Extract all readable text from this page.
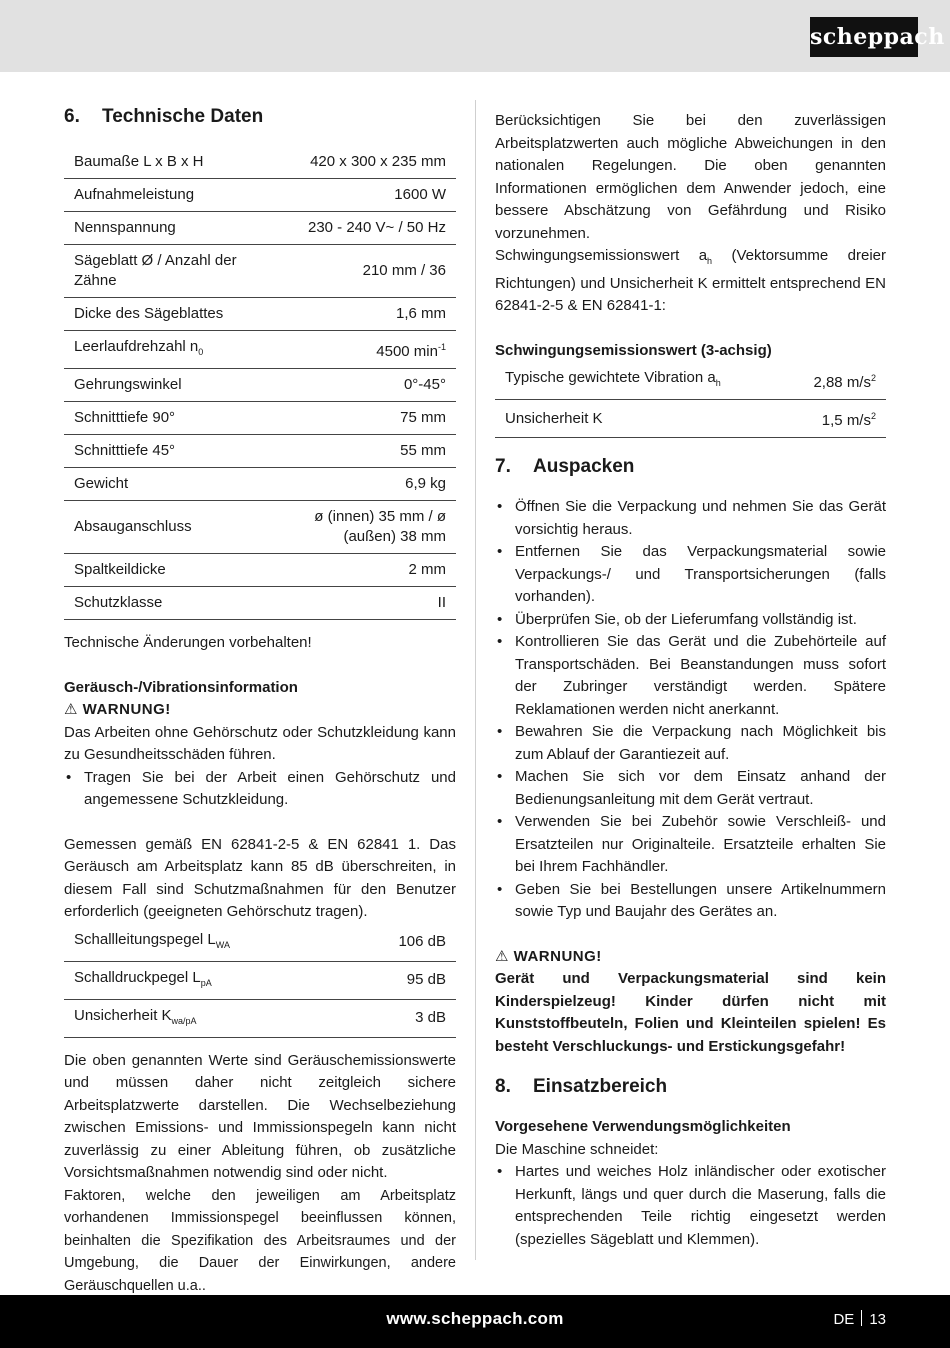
scheppach
6. Technische Daten
Baumaße L x B x H	420 x 300 x 235 mm
Aufnahmeleistung	1600 W
Nennspannung	230 - 240 V~ / 50 Hz
Sägeblatt Ø / Anzahl der Zähne	210 mm / 36
Dicke des Sägeblattes	1,6 mm
Leerlaufdrehzahl $n_0$	4500 $\min^{-1}$
Gehrungswinkel	0°-45°
Schnitttiefe 90°	75 mm
Schnitttiefe 45°	55 mm
Gewicht	6,9 kg
Absauganschluss	ø (innen) 35 mm / ø (außen) 38 mm
Spaltkeildicke	2 mm
Schutzklasse	II

Technische Änderungen vorbehalten!

Geräusch-/Vibrationsinformation

⚠ WARNUNG!

Das Arbeiten ohne Gehörschutz oder Schutzkleidung kann zu Gesundheitsschäden führen.

• Tragen Sie bei der Arbeit einen Gehörschutz und angemessene Schutzkleidung.

Gemessen gemäß EN 62841-2-5 & EN 62841 1. Das Geräusch am Arbeitsplatz kann 85 dB überschreiten, in diesem Fall sind Schutzmaßnahmen für den Benutzer erforderlich (geeigneten Gehörschutz tragen).

Schallleitungspegel $L_{WA}$	106 dB
Schalldruckpegel $L_{pA}$	95 dB
Unsicherheit $K_{wa/pA}$	3 dB

Die oben genannten Werte sind Geräuschemissionswerte und müssen daher nicht zeitgleich sichere Arbeitsplatzwerte darstellen. Die Wechselbeziehung zwischen Emissions- und Immissionspegeln kann nicht zuverlässig zu einer Ableitung führen, ob zusätzliche Vorsichtsmaßnahmen notwendig sind oder nicht.

Faktoren, welche den jeweiligen am Arbeitsplatz vorhandenen Immissionspegel beeinflussen können, beinhalten die Spezifikation des Arbeitsraumes und der Umgebung, die Dauer der Einwirkungen, andere Geräuschquellen u.a..

Berücksichtigen Sie bei den zuverlässigen Arbeitsplatzwerten auch mögliche Abweichungen in den nationalen Regelungen. Die oben genannten Informationen ermöglichen dem Anwender jedoch, eine bessere Abschätzung von Gefährdung und Risiko vorzunehmen.

Schwingungsemissionswert $a_h$ (Vektorsumme dreier Richtungen) und Unsicherheit K ermittelt entsprechend EN 62841-2-5 & EN 62841-1:

Schwingungsemissionswert (3-achsig)

Typische gewichtete Vibration $a_h$	2,88 $m/s^2$
Unsicherheit K	1,5 $m/s^2$
7. Auspacken
• Öffnen Sie die Verpackung und nehmen Sie das Gerät vorsichtig heraus.
• Entfernen Sie das Verpackungsmaterial sowie Verpackungs-/ und Transportsicherungen (falls vorhanden).
• Überprüfen Sie, ob der Lieferumfang vollständig ist.
• Kontrollieren Sie das Gerät und die Zubehörteile auf Transportschäden. Bei Beanstandungen muss sofort der Zubringer verständigt werden. Spätere Reklamationen werden nicht anerkannt.
• Bewahren Sie die Verpackung nach Möglichkeit bis zum Ablauf der Garantiezeit auf.
• Machen Sie sich vor dem Einsatz anhand der Bedienungsanleitung mit dem Gerät vertraut.
• Verwenden Sie bei Zubehör sowie Verschleiß- und Ersatzteilen nur Originalteile. Ersatzteile erhalten Sie bei Ihrem Fachhändler.
• Geben Sie bei Bestellungen unsere Artikelnummern sowie Typ und Baujahr des Gerätes an.

⚠ WARNUNG!

Gerät und Verpackungsmaterial sind kein Kinderspielzeug! Kinder dürfen nicht mit Kunststoffbeuteln, Folien und Kleinteilen spielen! Es besteht Verschluckungs- und Erstickungsgefahr!

8. Einsatzbereich

Vorgesehene Verwendungsmöglichkeiten

Die Maschine schneidet:

• Hartes und weiches Holz inländischer oder exotischer Herkunft, längs und quer durch die Maserung, falls die entsprechenden Teile richtig eingesetzt werden (spezielles Sägeblatt und Klemmen).
www.scheppach.com	DE 13
